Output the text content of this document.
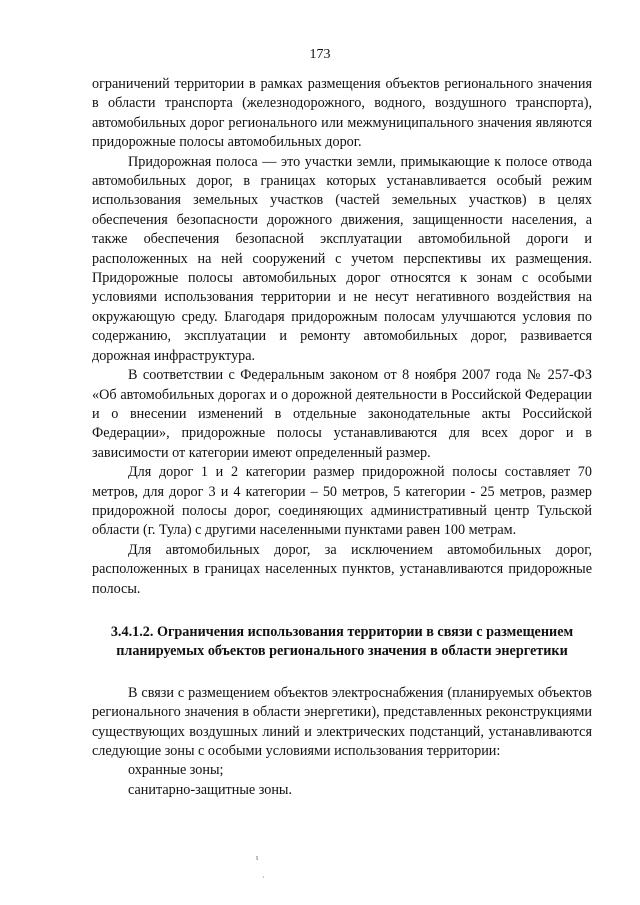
173

ограничений территории в рамках размещения объектов регионального значения в области транспорта (железнодорожного, водного, воздушного транспорта), автомобильных дорог регионального или межмуниципального значения являются придорожные полосы автомобильных дорог.

Придорожная полоса — это участки земли, примыкающие к полосе отвода автомобильных дорог, в границах которых устанавливается особый режим использования земельных участков (частей земельных участков) в целях обеспечения безопасности дорожного движения, защищенности населения, а также обеспечения безопасной эксплуатации автомобильной дороги и расположенных на ней сооружений с учетом перспективы их размещения. Придорожные полосы автомобильных дорог относятся к зонам с особыми условиями использования территории и не несут негативного воздействия на окружающую среду. Благодаря придорожным полосам улучшаются условия по содержанию, эксплуатации и ремонту автомобильных дорог, развивается дорожная инфраструктура.

В соответствии с Федеральным законом от 8 ноября 2007 года № 257-ФЗ «Об автомобильных дорогах и о дорожной деятельности в Российской Федерации и о внесении изменений в отдельные законодательные акты Российской Федерации», придорожные полосы устанавливаются для всех дорог и в зависимости от категории имеют определенный размер.

Для дорог 1 и 2 категории размер придорожной полосы составляет 70 метров, для дорог 3 и 4 категории – 50 метров, 5 категории - 25 метров, размер придорожной полосы дорог, соединяющих административный центр Тульской области (г. Тула) с другими населенными пунктами равен 100 метрам.

Для автомобильных дорог, за исключением автомобильных дорог, расположенных в границах населенных пунктов, устанавливаются придорожные полосы.

3.4.1.2. Ограничения использования территории в связи с размещением планируемых объектов регионального значения в области энергетики

В связи с размещением объектов электроснабжения (планируемых объектов регионального значения в области энергетики), представленных реконструкциями существующих воздушных линий и электрических подстанций, устанавливаются следующие зоны с особыми условиями использования территории:

охранные зоны;
санитарно-защитные зоны.
ι
·
